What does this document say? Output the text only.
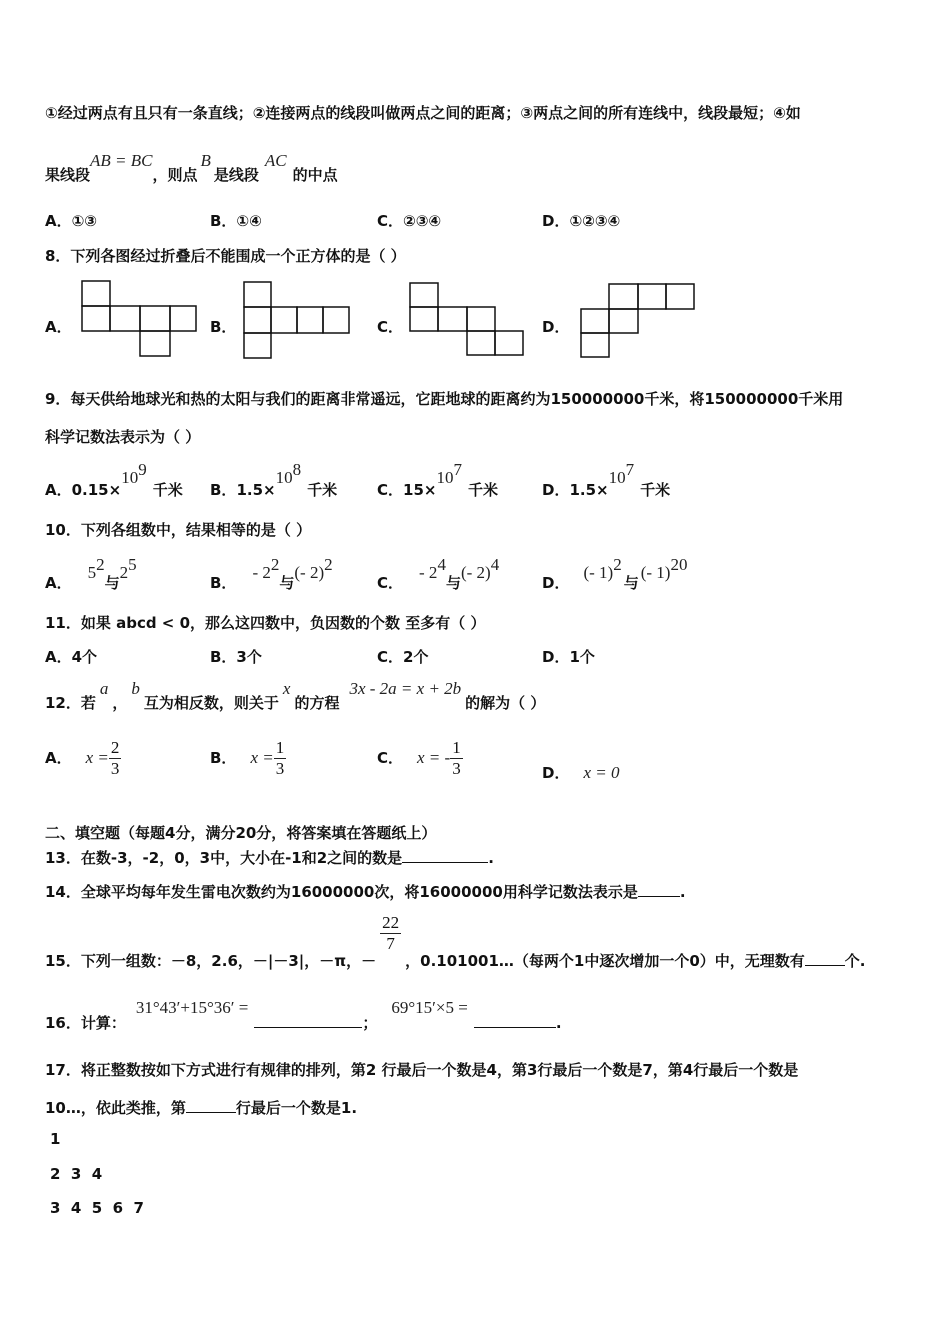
①经过两点有且只有一条直线；②连接两点的线段叫做两点之间的距离；③两点之间的所有连线中，线段最短；④如
果线段AB = BC，则点B是线段AC的中点
A．①③	B．①④	C．②③④	D．①②③④
8．下列各图经过折叠后不能围成一个正方体的是（ ）
A．	B．	C．	D．
9．每天供给地球光和热的太阳与我们的距离非常遥远，它距地球的距离约为150000000千米，将150000000千米用
科学记数法表示为（ ）
A．$0.15\times 10^9$千米 B．$1.5\times 10^8$千米	C．$15\times 10^7$千米	D．$1.5\times 10^7$千米
10．下列各组数中，结果相等的是（ ）
A．$5^2$与$2^5$
B．- $2^2$与(- 2)$^2$
C．- $2^4$与(- 2)$^4$
D．(- 1)$^2$与(- 1)$^{20}$
11．如果 abcd < 0，那么这四数中，负因数的个数 至多有（ ）
A．4个	B．3个	C．2个	D．1个
12．若a，b互为相反数，则关于x的方程3x - 2a = x + 2b的解为（ ）
A． $x = \frac{2}{3}$	B． $x = \frac{1}{3}$	C． x = - $\frac{1}{3}$	D． x = 0
二、填空题（每题4分，满分20分，将答案填在答题纸上）
13．在数-3，-2，0，3中，大小在-1和2之间的数是	.
14．全球平均每年发生雷电次数约为16000000次，将16000000用科学记数法表示是	.
15．下列一组数：－8，2.6，－|－3|，－π，－
$\frac{22}{7}$
，0.101001…（每两个1中逐次增加一个0）中，无理数有	个.
16．计算：31°43′+15°36′ =；69°15′×5 =.
17．将正整数按如下方式进行有规律的排列，第2 行最后一个数是4，第3行最后一个数是7，第4行最后一个数是
10…，依此类推，第	行最后一个数是1.
1
2  3  4
3  4  5  6  7
